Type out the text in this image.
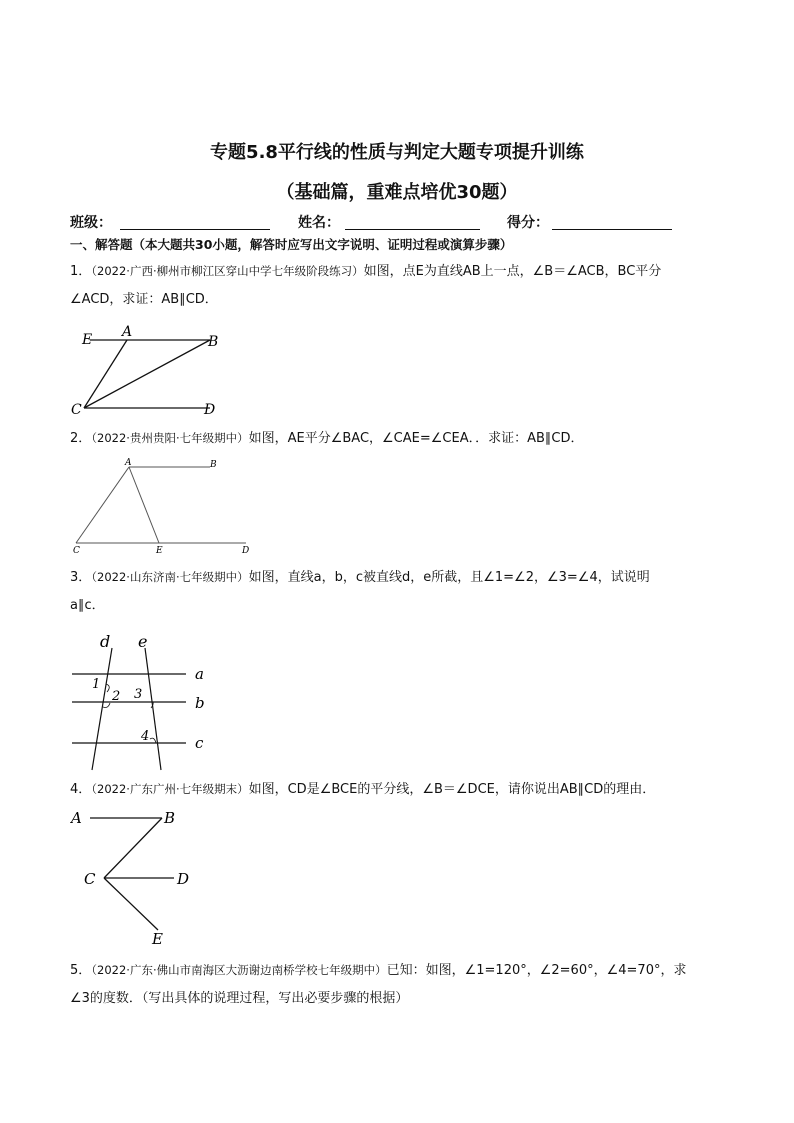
专题5.8平行线的性质与判定大题专项提升训练
（基础篇，重难点培优30题）
班级：	姓名：	得分：
一、解答题（本大题共30小题，解答时应写出文字说明、证明过程或演算步骤）
1．（2022·广西·柳州市柳江区穿山中学七年级阶段练习）如图，点E为直线AB上一点，∠B＝∠ACB，BC平分
∠ACD，求证：AB∥CD．
E A
B
C	D
2．（2022·贵州贵阳·七年级期中）如图，AE平分∠BAC，∠CAE=∠CEA．．求证：AB∥CD．
A	B
C	E	D
3．（2022·山东济南·七年级期中）如图，直线a，b，c被直线d，e所截，且∠1=∠2，∠3=∠4，试说明
a∥c．
d e
a
b
c
1
2 3
4
4．（2022·广东广州·七年级期末）如图，CD是∠BCE的平分线，∠B＝∠DCE，请你说出AB∥CD的理由．
A	B
C	D
E
5．（2022·广东·佛山市南海区大沥谢边南桥学校七年级期中）已知：如图，∠1=120°，∠2=60°，∠4=70°，求
∠3的度数．（写出具体的说理过程，写出必要步骤的根据）
